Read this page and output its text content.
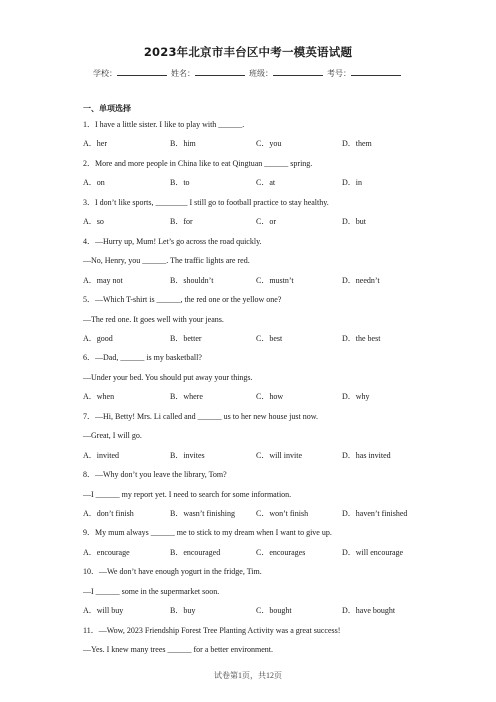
2023年北京市丰台区中考一模英语试题
学校：	姓名：	班级：	考号：
一、单项选择
1．I have a little sister. I like to play with ______.
A．her	B．him	C．you	D．them
2．More and more people in China like to eat Qingtuan ______ spring.
A．on	B．to	C．at	D．in
3．I don’t like sports, ________ I still go to football practice to stay healthy.
A．so	B．for	C．or	D．but
4．—Hurry up, Mum! Let’s go across the road quickly.
—No, Henry, you ______. The traffic lights are red.
A．may not	B．shouldn’t	C．mustn’t	D．needn’t
5．—Which T-shirt is ______, the red one or the yellow one?
—The red one. It goes well with your jeans.
A．good	B．better	C．best	D．the best
6．—Dad, ______ is my basketball?
—Under your bed. You should put away your things.
A．when	B．where	C．how	D．why
7．—Hi, Betty! Mrs. Li called and ______ us to her new house just now.
—Great, I will go.
A．invited	B．invites	C．will invite	D．has invited
8．—Why don’t you leave the library, Tom?
—I ______ my report yet. I need to search for some information.
A．don’t finish	B．wasn’t finishing	C．won’t finish	D．haven’t finished
9．My mum always ______ me to stick to my dream when I want to give up.
A．encourage	B．encouraged	C．encourages	D．will encourage
10．—We don’t have enough yogurt in the fridge, Tim.
—I ______ some in the supermarket soon.
A．will buy	B．buy	C．bought	D．have bought
11．—Wow, 2023 Friendship Forest Tree Planting Activity was a great success!
—Yes. I knew many trees ______ for a better environment.
试卷第1页，共12页
